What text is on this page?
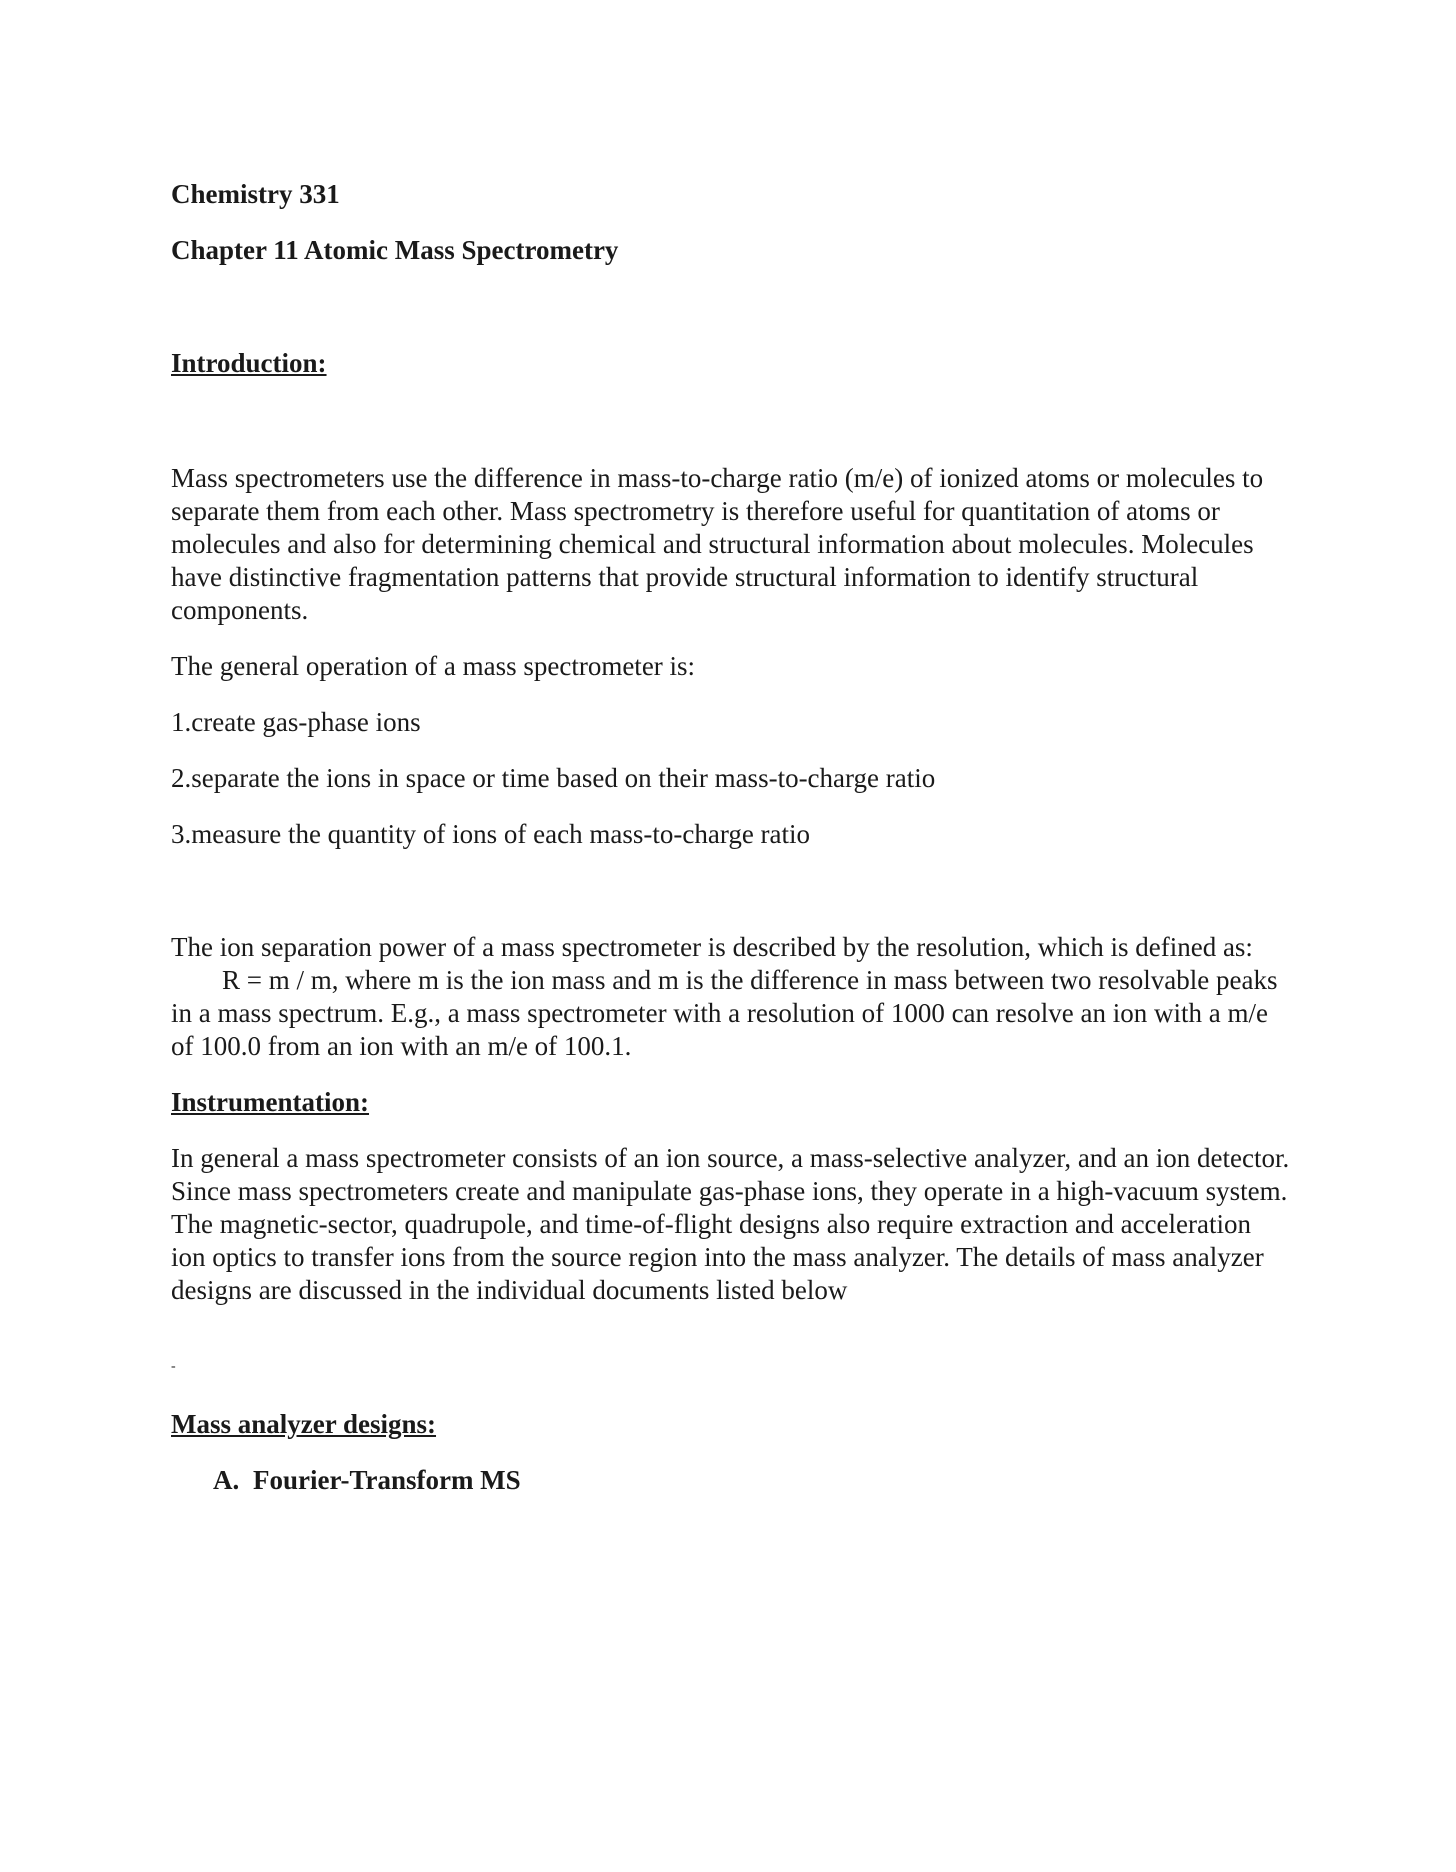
Chemistry 331

Chapter 11 Atomic Mass Spectrometry

Introduction:

Mass spectrometers use the difference in mass-to-charge ratio (m/e) of ionized atoms or molecules to separate them from each other. Mass spectrometry is therefore useful for quantitation of atoms or molecules and also for determining chemical and structural information about molecules. Molecules have distinctive fragmentation patterns that provide structural information to identify structural components.

The general operation of a mass spectrometer is:

1.create gas-phase ions

2.separate the ions in space or time based on their mass-to-charge ratio

3.measure the quantity of ions of each mass-to-charge ratio

The ion separation power of a mass spectrometer is described by the resolution, which is defined as:R = m / m, where m is the ion mass and m is the difference in mass between two resolvable peaks in a mass spectrum. E.g., a mass spectrometer with a resolution of 1000 can resolve an ion with a m/e of 100.0 from an ion with an m/e of 100.1.

Instrumentation:

In general a mass spectrometer consists of an ion source, a mass-selective analyzer, and an ion detector. Since mass spectrometers create and manipulate gas-phase ions, they operate in a high-vacuum system. The magnetic-sector, quadrupole, and time-of-flight designs also require extraction and acceleration ion optics to transfer ions from the source region into the mass analyzer. The details of mass analyzer designs are discussed in the individual documents listed below

-

Mass analyzer designs:

A. Fourier-Transform MS
